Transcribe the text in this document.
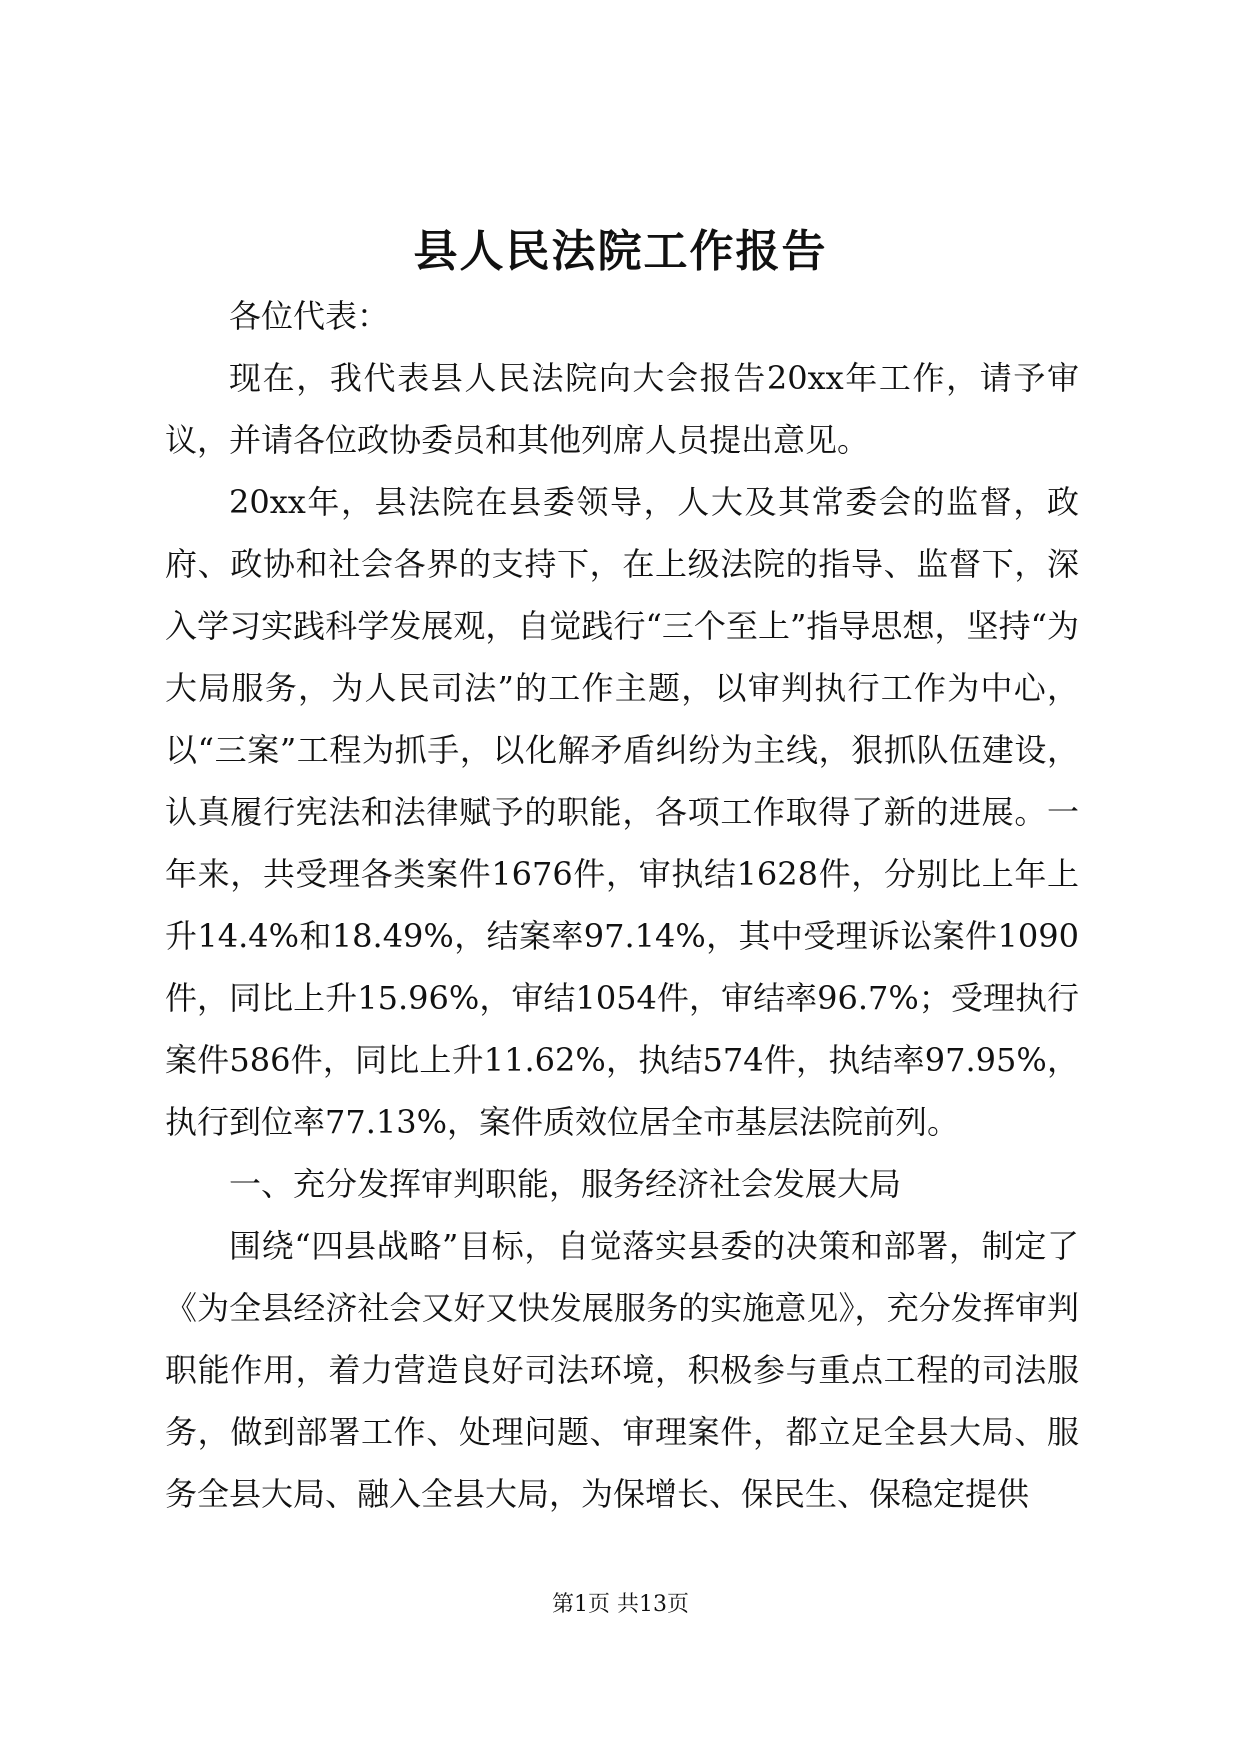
县人民法院工作报告

各位代表：

现在，我代表县人民法院向大会报告20xx年工作，请予审议，并请各位政协委员和其他列席人员提出意见。

20xx年，县法院在县委领导，人大及其常委会的监督，政府、政协和社会各界的支持下，在上级法院的指导、监督下，深入学习实践科学发展观，自觉践行“三个至上”指导思想，坚持“为大局服务，为人民司法”的工作主题，以审判执行工作为中心，以“三案”工程为抓手，以化解矛盾纠纷为主线，狠抓队伍建设，认真履行宪法和法律赋予的职能，各项工作取得了新的进展。一年来，共受理各类案件1676件，审执结1628件，分别比上年上升14.4%和18.49%，结案率97.14%，其中受理诉讼案件1090件，同比上升15.96%，审结1054件，审结率96.7%；受理执行案件586件，同比上升11.62%，执结574件，执结率97.95%，执行到位率77.13%，案件质效位居全市基层法院前列。

一、充分发挥审判职能，服务经济社会发展大局

围绕“四县战略”目标，自觉落实县委的决策和部署，制定了《为全县经济社会又好又快发展服务的实施意见》，充分发挥审判职能作用，着力营造良好司法环境，积极参与重点工程的司法服务，做到部署工作、处理问题、审理案件，都立足全县大局、服务全县大局、融入全县大局，为保增长、保民生、保稳定提供

第1页 共13页
